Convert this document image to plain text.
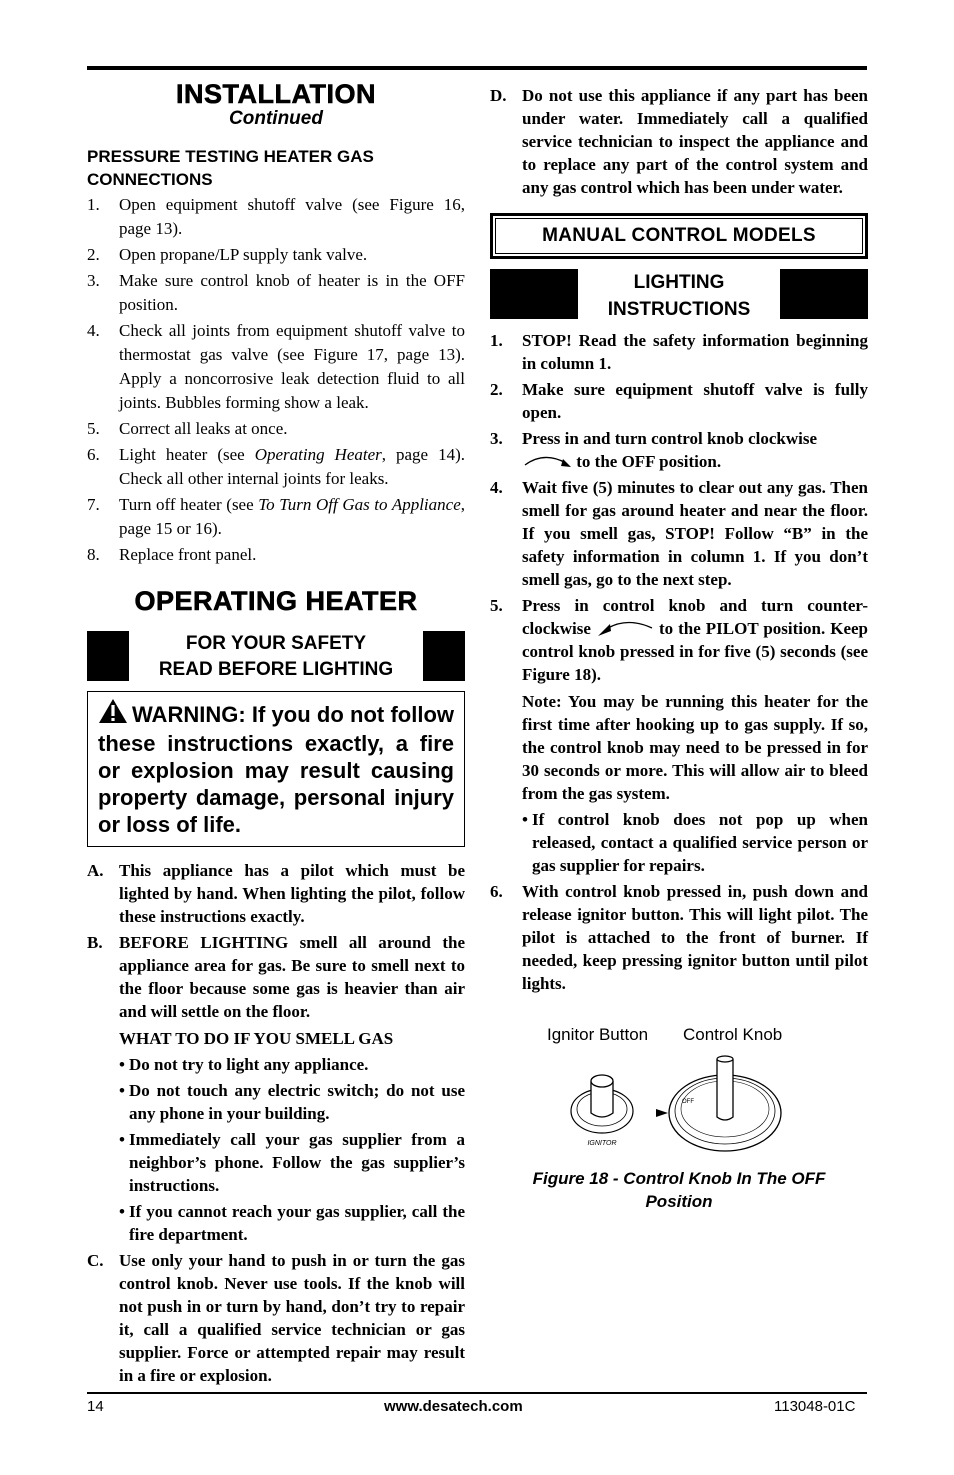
INSTALLATION
Continued
PRESSURE TESTING HEATER GAS CONNECTIONS
1.	Open equipment shutoff valve (see Figure 16, page 13).
2.	Open propane/LP supply tank valve.
3.	Make sure control knob of heater is in the OFF position.
4.	Check all joints from equipment shutoff valve to thermostat gas valve (see Figure 17, page 13). Apply a noncorrosive leak detection fluid to all joints. Bubbles forming show a leak.
5.	Correct all leaks at once.
6.	Light heater (see Operating Heater, page 14). Check all other internal joints for leaks.
7.	Turn off heater (see To Turn Off Gas to Appliance, page 15 or 16).
8.	Replace front panel.
OPERATING HEATER
FOR YOUR SAFETY
READ BEFORE LIGHTING
WARNING: If you do not follow these instructions exactly, a fire or explosion may result causing property damage, personal injury or loss of life.
A. This appliance has a pilot which must be lighted by hand. When lighting the pilot, follow these instructions exactly.
B. BEFORE LIGHTING smell all around the appliance area for gas. Be sure to smell next to the floor because some gas is heavier than air and will settle on the floor.
WHAT TO DO IF YOU SMELL GAS
• Do not try to light any appliance.
• Do not touch any electric switch; do not use any phone in your building.
• Immediately call your gas supplier from a neighbor’s phone. Follow the gas supplier’s instructions.
• If you cannot reach your gas supplier, call the fire department.
C. Use only your hand to push in or turn the gas control knob. Never use tools. If the knob will not push in or turn by hand, don’t try to repair it, call a qualified service technician or gas supplier. Force or attempted repair may result in a fire or explosion.
D. Do not use this appliance if any part has been under water. Immediately call a qualified service technician to inspect the appliance and to replace any part of the control system and any gas control which has been under water.
MANUAL CONTROL MODELS
LIGHTING
INSTRUCTIONS
1.	STOP! Read the safety information beginning in column 1.
2.	Make sure equipment shutoff valve is fully open.
3.	Press in and turn control knob clockwise
to the OFF position.
4.	Wait five (5) minutes to clear out any gas. Then smell for gas around heater and near the floor. If you smell gas, STOP! Follow “B” in the safety information in column 1. If you don’t smell gas, go to the next step.
5.	Press in control knob and turn counter-clockwise	to the PILOT position. Keep control knob pressed in for five (5) seconds (see Figure 18).
Note: You may be running this heater for the first time after hooking up to gas supply. If so, the control knob may need to be pressed in for 30 seconds or more. This will allow air to bleed from the gas system.
• If control knob does not pop up when released, contact a qualified service person or gas supplier for repairs.
6.	With control knob pressed in, push down and release ignitor button. This will light pilot. The pilot is attached to the front of burner. If needed, keep pressing ignitor button until pilot lights.
Ignitor Button Control Knob
IGNITOR
OFF
Figure 18 - Control Knob In The OFF
Position
14	www.desatech.com	113048-01C
